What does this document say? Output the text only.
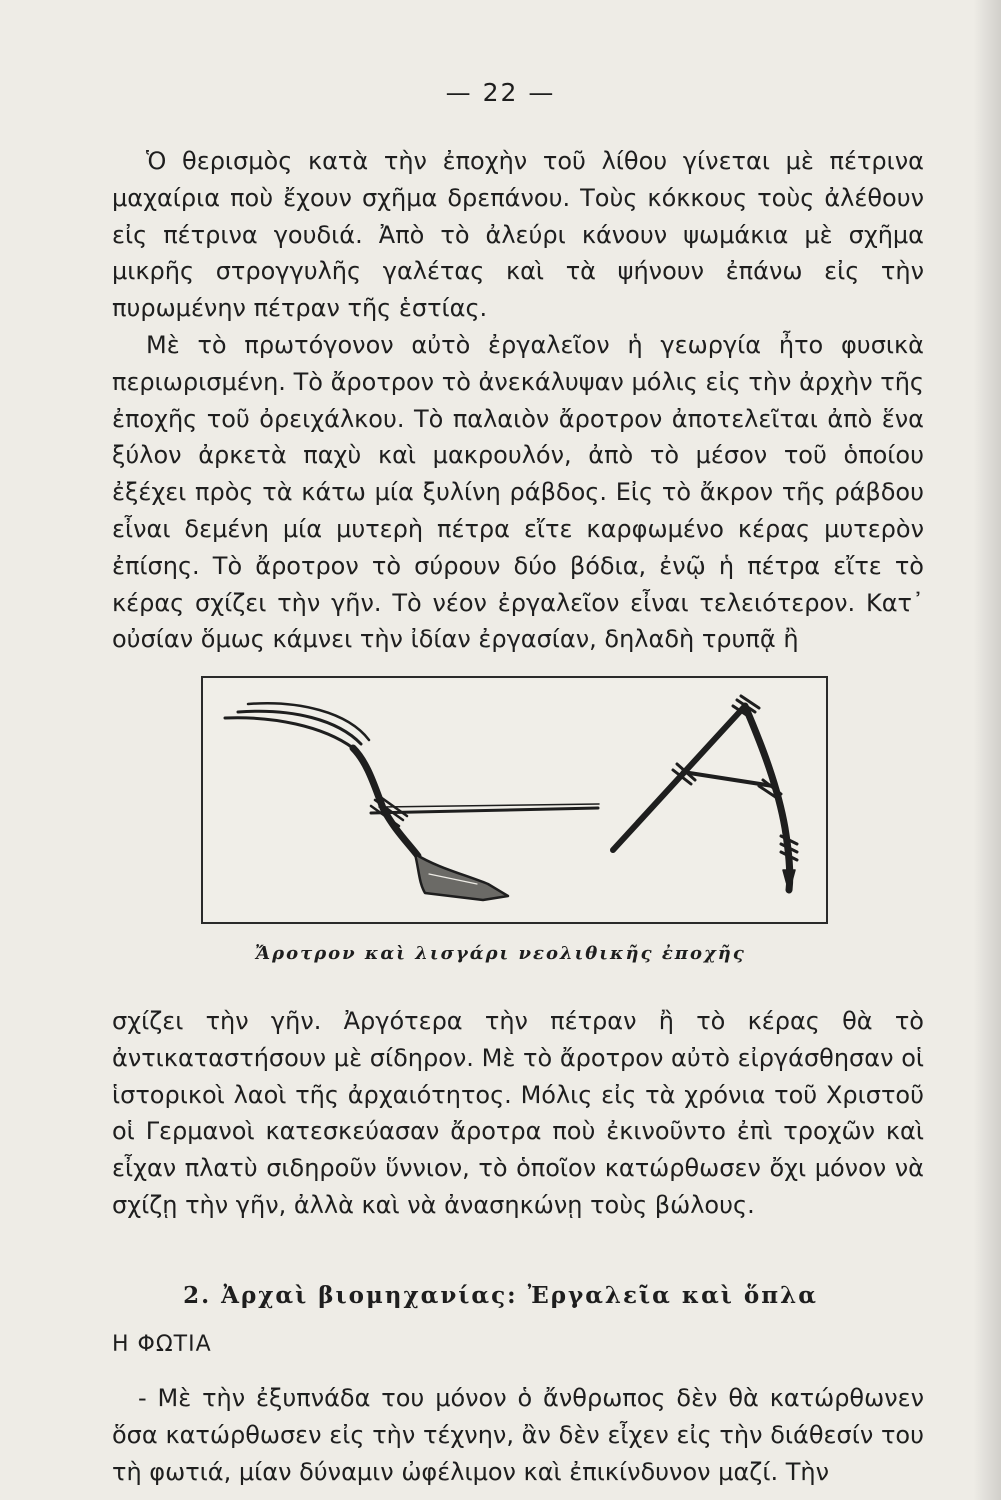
— 22 —

Ὁ θερισμὸς κατὰ τὴν ἐποχὴν τοῦ λίθου γίνεται μὲ πέτρινα μαχαίρια ποὺ ἔχουν σχῆμα δρεπάνου. Τοὺς κόκκους τοὺς ἀλέθουν εἰς πέτρινα γουδιά. Ἀπὸ τὸ ἀλεύρι κάνουν ψωμάκια μὲ σχῆμα μικρῆς στρογγυλῆς γαλέτας καὶ τὰ ψήνουν ἐπάνω εἰς τὴν πυρωμένην πέτραν τῆς ἑστίας.

Μὲ τὸ πρωτόγονον αὐτὸ ἐργαλεῖον ἡ γεωργία ἦτο φυσικὰ περιωρισμένη. Τὸ ἄροτρον τὸ ἀνεκάλυψαν μόλις εἰς τὴν ἀρχὴν τῆς ἐποχῆς τοῦ ὀρειχάλκου. Τὸ παλαιὸν ἄροτρον ἀποτελεῖται ἀπὸ ἕνα ξύλον ἀρκετὰ παχὺ καὶ μακρουλόν, ἀπὸ τὸ μέσον τοῦ ὁποίου ἐξέχει πρὸς τὰ κάτω μία ξυλίνη ράβδος. Εἰς τὸ ἄκρον τῆς ράβδου εἶναι δεμένη μία μυτερὴ πέτρα εἴτε καρφωμένο κέρας μυτερὸν ἐπίσης. Τὸ ἄροτρον τὸ σύρουν δύο βόδια, ἐνῷ ἡ πέτρα εἴτε τὸ κέρας σχίζει τὴν γῆν. Τὸ νέον ἐργαλεῖον εἶναι τελειότερον. Κατ᾿ οὐσίαν ὅμως κάμνει τὴν ἰδίαν ἐργασίαν, δηλαδὴ τρυπᾷ ἢ

Ἄροτρον καὶ λισγάρι νεολιθικῆς ἐποχῆς

σχίζει τὴν γῆν. Ἀργότερα τὴν πέτραν ἢ τὸ κέρας θὰ τὸ ἀντικαταστήσουν μὲ σίδηρον. Μὲ τὸ ἄροτρον αὐτὸ εἰργάσθησαν οἱ ἱστορικοὶ λαοὶ τῆς ἀρχαιότητος. Μόλις εἰς τὰ χρόνια τοῦ Χριστοῦ οἱ Γερμανοὶ κατεσκεύασαν ἄροτρα ποὺ ἐκινοῦντο ἐπὶ τροχῶν καὶ εἶχαν πλατὺ σιδηροῦν ὕννιον, τὸ ὁποῖον κατώρθωσεν ὄχι μόνον νὰ σχίζῃ τὴν γῆν, ἀλλὰ καὶ νὰ ἀνασηκώνῃ τοὺς βώλους.

2. Ἀρχαὶ βιομηχανίας: Ἐργαλεῖα καὶ ὅπλα
Η ΦΩΤΙΑ

- Μὲ τὴν ἐξυπνάδα του μόνον ὁ ἄνθρωπος δὲν θὰ κατώρθωνεν ὅσα κατώρθωσεν εἰς τὴν τέχνην, ἂν δὲν εἶχεν εἰς τὴν διάθεσίν του τὴ φωτιά, μίαν δύναμιν ὠφέλιμον καὶ ἐπικίνδυνον μαζί. Τὴν
